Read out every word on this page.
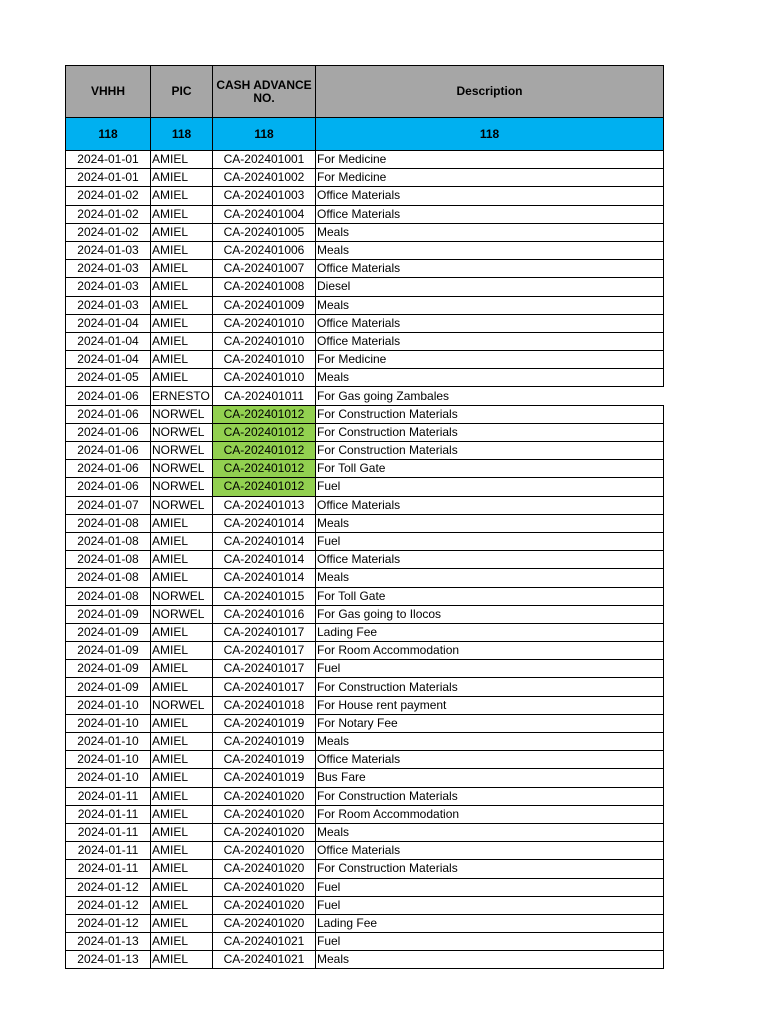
VHHH	PIC	CASH ADVANCE NO.	Description
118	118	118	118
2024-01-01	AMIEL	CA-202401001	For Medicine
2024-01-01	AMIEL	CA-202401002	For Medicine
2024-01-02	AMIEL	CA-202401003	Office Materials
2024-01-02	AMIEL	CA-202401004	Office Materials
2024-01-02	AMIEL	CA-202401005	Meals
2024-01-03	AMIEL	CA-202401006	Meals
2024-01-03	AMIEL	CA-202401007	Office Materials
2024-01-03	AMIEL	CA-202401008	Diesel
2024-01-03	AMIEL	CA-202401009	Meals
2024-01-04	AMIEL	CA-202401010	Office Materials
2024-01-04	AMIEL	CA-202401010	Office Materials
2024-01-04	AMIEL	CA-202401010	For Medicine
2024-01-05	AMIEL	CA-202401010	Meals
2024-01-06	ERNESTO	CA-202401011	For Gas going Zambales
2024-01-06	NORWEL	CA-202401012	For Construction Materials
2024-01-06	NORWEL	CA-202401012	For Construction Materials
2024-01-06	NORWEL	CA-202401012	For Construction Materials
2024-01-06	NORWEL	CA-202401012	For Toll Gate
2024-01-06	NORWEL	CA-202401012	Fuel
2024-01-07	NORWEL	CA-202401013	Office Materials
2024-01-08	AMIEL	CA-202401014	Meals
2024-01-08	AMIEL	CA-202401014	Fuel
2024-01-08	AMIEL	CA-202401014	Office Materials
2024-01-08	AMIEL	CA-202401014	Meals
2024-01-08	NORWEL	CA-202401015	For Toll Gate
2024-01-09	NORWEL	CA-202401016	For Gas going to Ilocos
2024-01-09	AMIEL	CA-202401017	Lading Fee
2024-01-09	AMIEL	CA-202401017	For Room Accommodation
2024-01-09	AMIEL	CA-202401017	Fuel
2024-01-09	AMIEL	CA-202401017	For Construction Materials
2024-01-10	NORWEL	CA-202401018	For House rent payment
2024-01-10	AMIEL	CA-202401019	For Notary Fee
2024-01-10	AMIEL	CA-202401019	Meals
2024-01-10	AMIEL	CA-202401019	Office Materials
2024-01-10	AMIEL	CA-202401019	Bus Fare
2024-01-11	AMIEL	CA-202401020	For Construction Materials
2024-01-11	AMIEL	CA-202401020	For Room Accommodation
2024-01-11	AMIEL	CA-202401020	Meals
2024-01-11	AMIEL	CA-202401020	Office Materials
2024-01-11	AMIEL	CA-202401020	For Construction Materials
2024-01-12	AMIEL	CA-202401020	Fuel
2024-01-12	AMIEL	CA-202401020	Fuel
2024-01-12	AMIEL	CA-202401020	Lading Fee
2024-01-13	AMIEL	CA-202401021	Fuel
2024-01-13	AMIEL	CA-202401021	Meals
